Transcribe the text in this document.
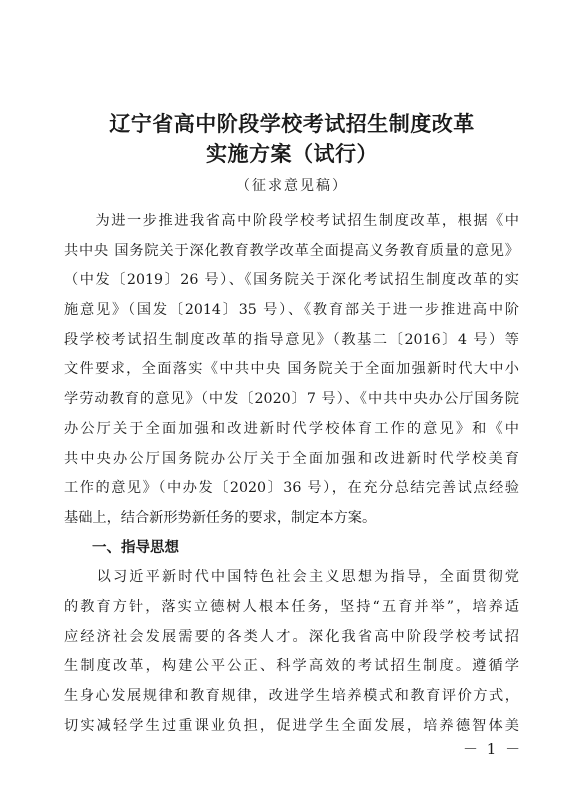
辽宁省高中阶段学校考试招生制度改革
实施方案（试行）
（征求意见稿）
　　为进一步推进我省高中阶段学校考试招生制度改革，根据《中
共中央 国务院关于深化教育教学改革全面提高义务教育质量的意见》
（中发〔2019〕26 号）、《国务院关于深化考试招生制度改革的实
施意见》（国发〔2014〕35 号）、《教育部关于进一步推进高中阶
段学校考试招生制度改革的指导意见》（教基二〔2016〕4 号）等
文件要求，全面落实《中共中央 国务院关于全面加强新时代大中小
学劳动教育的意见》（中发〔2020〕7 号）、《中共中央办公厅国务院
办公厅关于全面加强和改进新时代学校体育工作的意见》和《中
共中央办公厅国务院办公厅关于全面加强和改进新时代学校美育
工作的意见》（中办发〔2020〕36 号），在充分总结完善试点经验
基础上，结合新形势新任务的要求，制定本方案。
一、指导思想
　　以习近平新时代中国特色社会主义思想为指导，全面贯彻党
的教育方针，落实立德树人根本任务，坚持“五育并举”，培养适
应经济社会发展需要的各类人才。深化我省高中阶段学校考试招
生制度改革，构建公平公正、科学高效的考试招生制度。遵循学
生身心发展规律和教育规律，改进学生培养模式和教育评价方式，
切实减轻学生过重课业负担，促进学生全面发展，培养德智体美
－ 1 －
